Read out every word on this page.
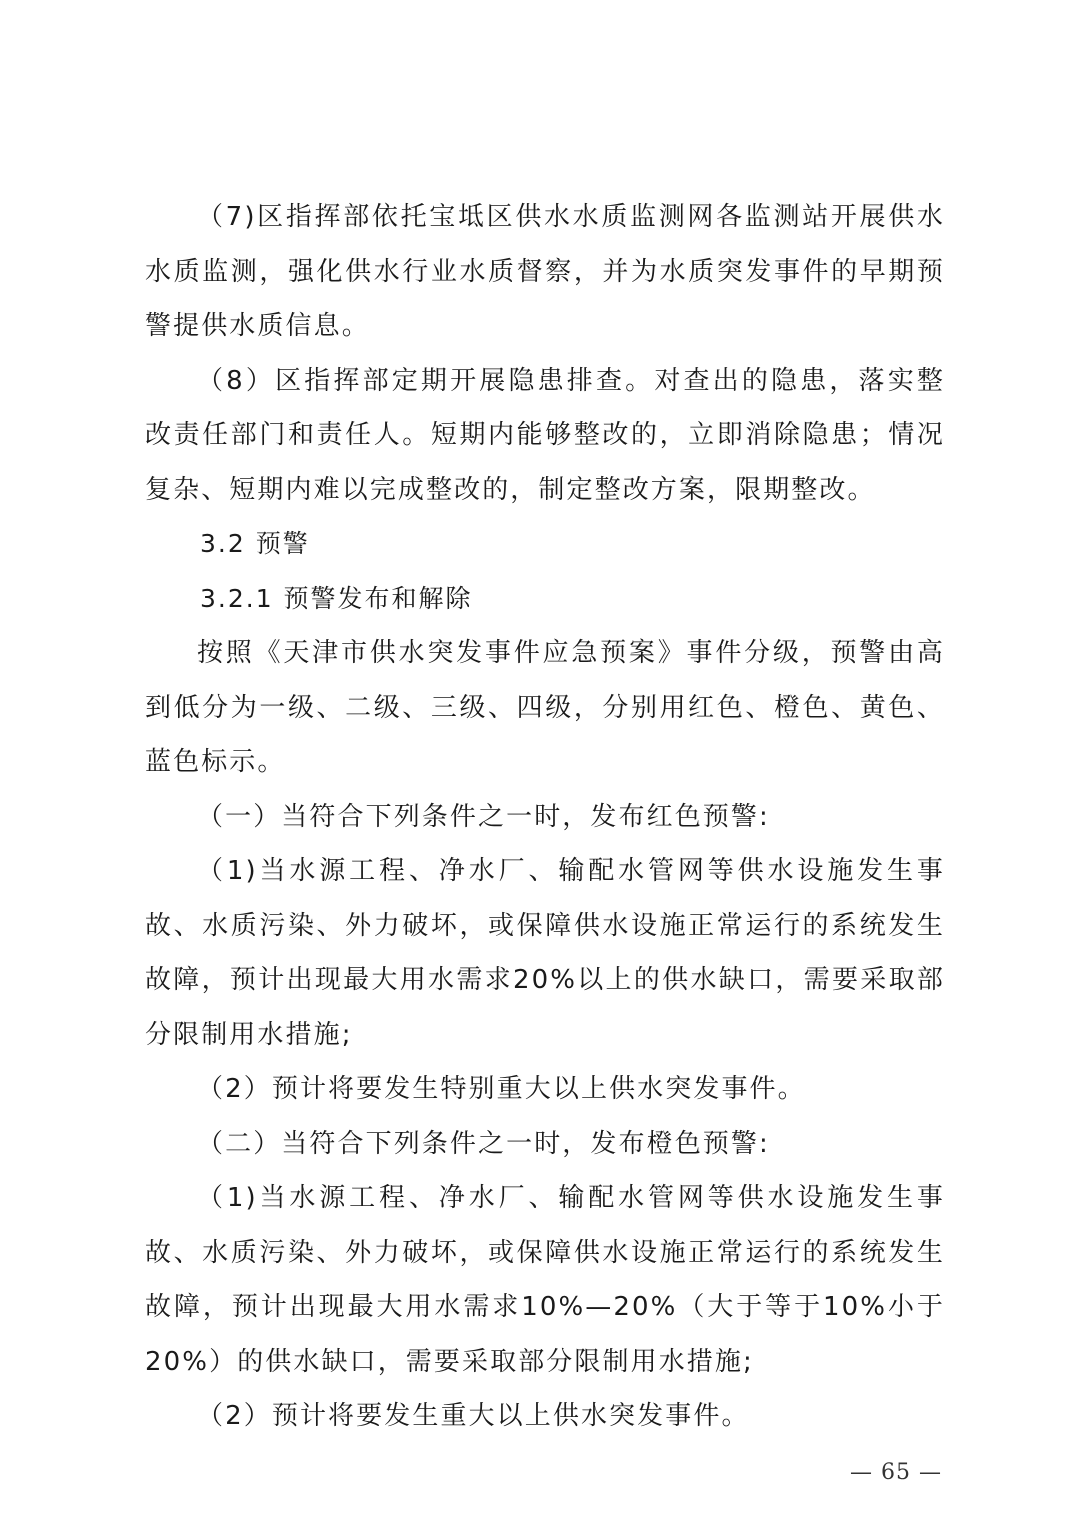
（7)区指挥部依托宝坻区供水水质监测网各监测站开展供水水质监测，强化供水行业水质督察，并为水质突发事件的早期预警提供水质信息。

（8）区指挥部定期开展隐患排查。对查出的隐患，落实整改责任部门和责任人。短期内能够整改的，立即消除隐患；情况复杂、短期内难以完成整改的，制定整改方案，限期整改。

3.2 预警

3.2.1 预警发布和解除

按照《天津市供水突发事件应急预案》事件分级，预警由高到低分为一级、二级、三级、四级，分别用红色、橙色、黄色、蓝色标示。

（一）当符合下列条件之一时，发布红色预警:

（1)当水源工程、净水厂、输配水管网等供水设施发生事故、水质污染、外力破坏，或保障供水设施正常运行的系统发生故障，预计出现最大用水需求20%以上的供水缺口，需要采取部分限制用水措施;

（2）预计将要发生特别重大以上供水突发事件。

（二）当符合下列条件之一时，发布橙色预警:

（1)当水源工程、净水厂、输配水管网等供水设施发生事故、水质污染、外力破坏，或保障供水设施正常运行的系统发生故障，预计出现最大用水需求10%—20%（大于等于10%小于20%）的供水缺口，需要采取部分限制用水措施;

（2）预计将要发生重大以上供水突发事件。

— 65 —
